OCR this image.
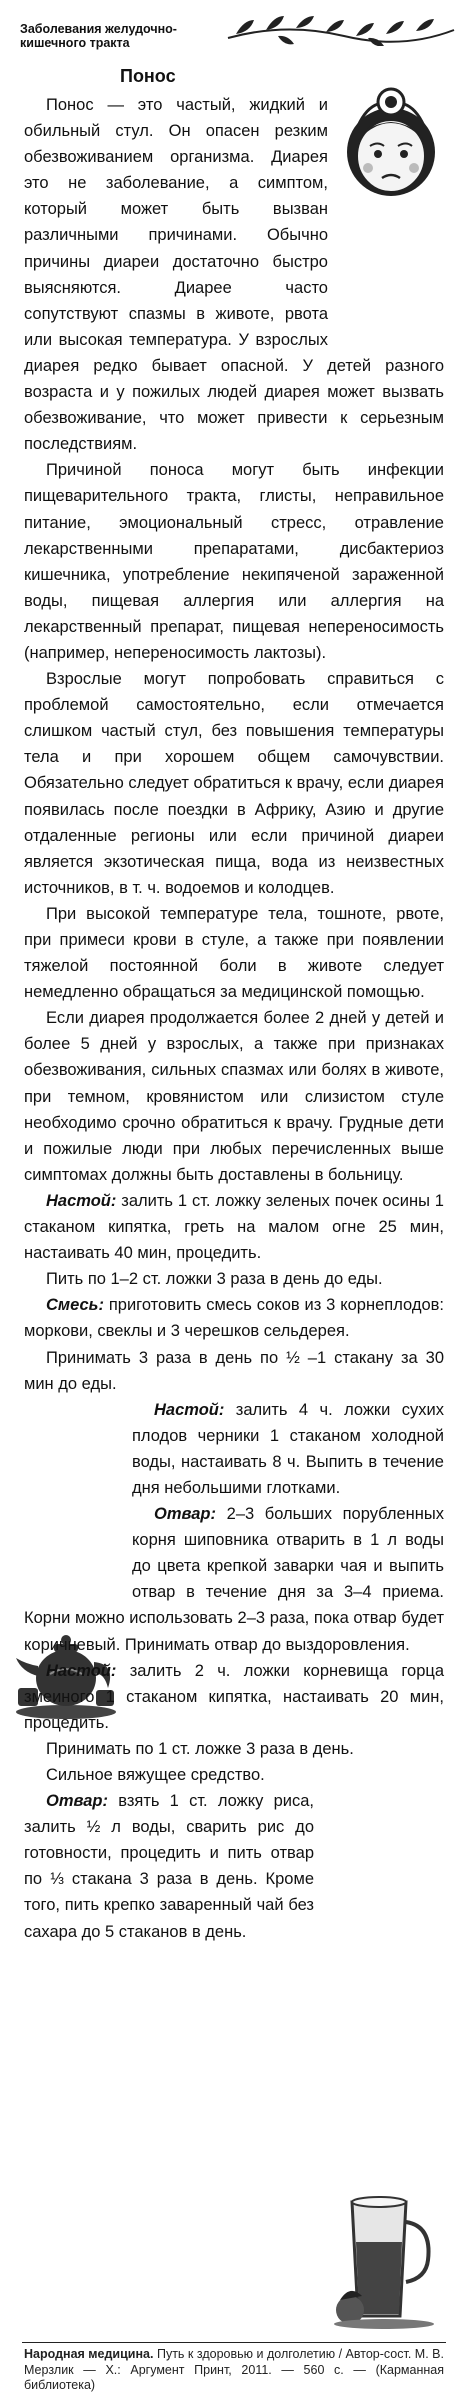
Заболевания желудочно-кишечного тракта
Понос

Понос — это частый, жидкий и обильный стул. Он опасен резким обезвоживанием организма. Диарея это не заболевание, а симптом, который может быть вызван различными причинами. Обычно причины диареи достаточно быстро выясняются. Диарее часто сопутствуют спазмы в животе, рвота или высокая температура. У взрослых диарея редко бывает опасной. У детей разного возраста и у пожилых людей диарея может вызвать обезвоживание, что может привести к серьезным последствиям.

Причиной поноса могут быть инфекции пищеварительного тракта, глисты, неправильное питание, эмоциональный стресс, отравление лекарственными препаратами, дисбактериоз кишечника, употребление некипяченой зараженной воды, пищевая аллергия или аллергия на лекарственный препарат, пищевая непереносимость (например, непереносимость лактозы).

Взрослые могут попробовать справиться с проблемой самостоятельно, если отмечается слишком частый стул, без повышения температуры тела и при хорошем общем самочувствии. Обязательно следует обратиться к врачу, если диарея появилась после поездки в Африку, Азию и другие отдаленные регионы или если причиной диареи является экзотическая пища, вода из неизвестных источников, в т. ч. водоемов и колодцев.

При высокой температуре тела, тошноте, рвоте, при примеси крови в стуле, а также при появлении тяжелой постоянной боли в животе следует немедленно обращаться за медицинской помощью.

Если диарея продолжается более 2 дней у детей и более 5 дней у взрослых, а также при признаках обезвоживания, сильных спазмах или болях в животе, при темном, кровянистом или слизистом стуле необходимо срочно обратиться к врачу. Грудные дети и пожилые люди при любых перечисленных выше симптомах должны быть доставлены в больницу.

Настой: залить 1 ст. ложку зеленых почек осины 1 стаканом кипятка, греть на малом огне 25 мин, настаивать 40 мин, процедить.

Пить по 1–2 ст. ложки 3 раза в день до еды.

Смесь: приготовить смесь соков из 3 корнеплодов: моркови, свеклы и 3 черешков сельдерея.

Принимать 3 раза в день по ½ –1 стакану за 30 мин до еды.

Настой: залить 4 ч. ложки сухих плодов черники 1 стаканом холодной воды, настаивать 8 ч. Выпить в течение дня небольшими глотками.

Отвар: 2–3 больших порубленных корня шиповника отварить в 1 л воды до цвета крепкой заварки чая и выпить отвар в течение дня за 3–4 приема. Корни можно использовать 2–3 раза, пока отвар будет коричневый. Принимать отвар до выздоровления.

Настой: залить 2 ч. ложки корневища горца змеиного 1 стаканом кипятка, настаивать 20 мин, процедить.

Принимать по 1 ст. ложке 3 раза в день.

Сильное вяжущее средство.

Отвар: взять 1 ст. ложку риса, залить ½ л воды, сварить рис до готовности, процедить и пить отвар по ⅓ стакана 3 раза в день. Кроме того, пить крепко заваренный чай без сахара до 5 стаканов в день.

Народная медицина. Путь к здоровью и долголетию / Автор-сост. М. В. Мерзлик — Х.: Аргумент Принт, 2011. — 560 с. — (Карманная библиотека)
